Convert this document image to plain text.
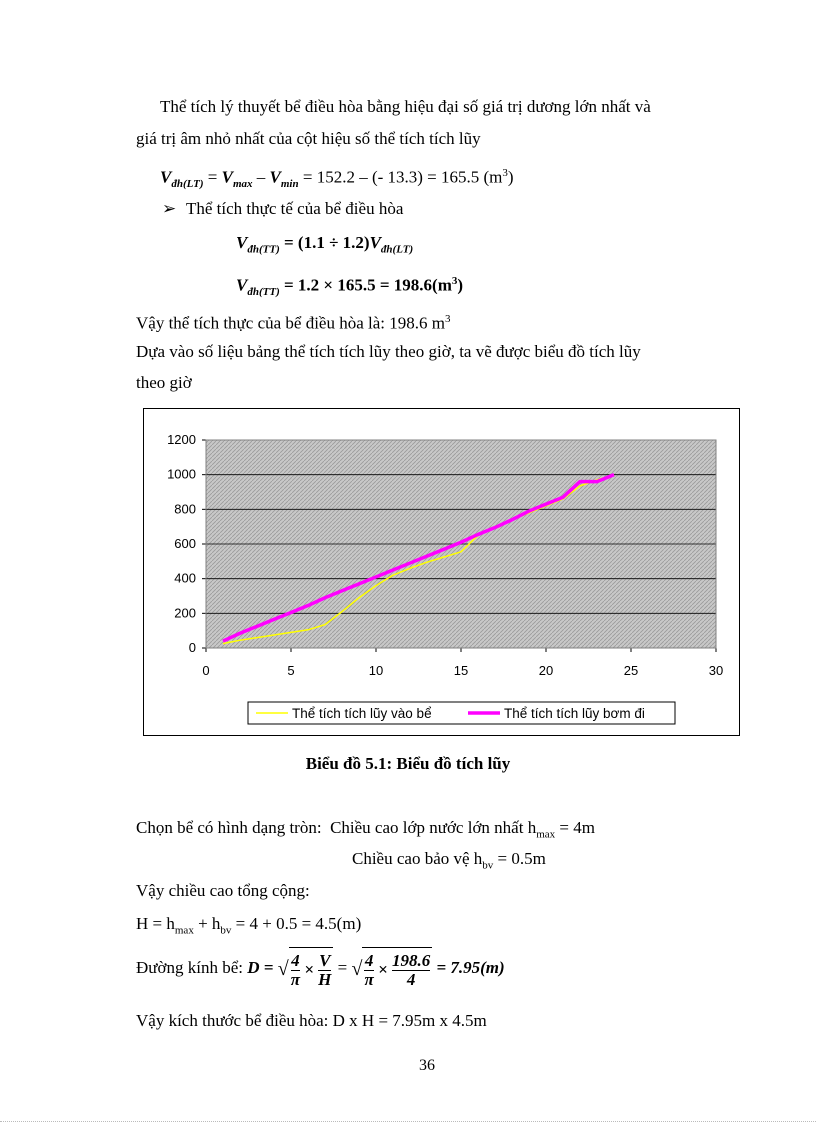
Thể tích lý thuyết bể điều hòa bằng hiệu đại số giá trị dương lớn nhất và
giá trị âm nhỏ nhất của cột hiệu số thể tích tích lũy
$V_{đh(LT)} = V_{max} - V_{min} = 152.2$ – (- 13.3) = 165.5 $(m^3)$
➢ Thể tích thực tế của bể điều hòa
$V_{đh(TT)} = (1.1 \div 1.2)V_{đh(LT)}$
$V_{đh(TT)} = 1.2 \times 165.5 = 198.6(m^3)$
Vậy thể tích thực của bể điều hòa là: 198.6 $m^3$
Dựa vào số liệu bảng thể tích tích lũy theo giờ, ta vẽ được biểu đồ tích lũy
theo giờ
0
200
400
600
800
1000
1200
0	5	10	15	20	25	30
Thể tích tích lũy vào bể	Thể tích tích lũy bơm đi
Biểu đồ 5.1: Biểu đồ tích lũy
Chọn bể có hình dạng tròn: Chiều cao lớp nước lớn nhất $h_{max} = 4m$
Chiều cao bảo vệ $h_{bv} = 0.5m$
Vậy chiều cao tổng cộng:
$H = h_{max} + h_{bv} = 4 + 0.5 = 4.5(m)$
Đường kính bể: D = √ $\frac{4}{\pi} \times \frac{V}{H}$ = √ $\frac{4}{\pi} \times \frac{198.6}{4} = 7.95(m)$
Vậy kích thước bể điều hòa: D x H = 7.95m x 4.5m
36
